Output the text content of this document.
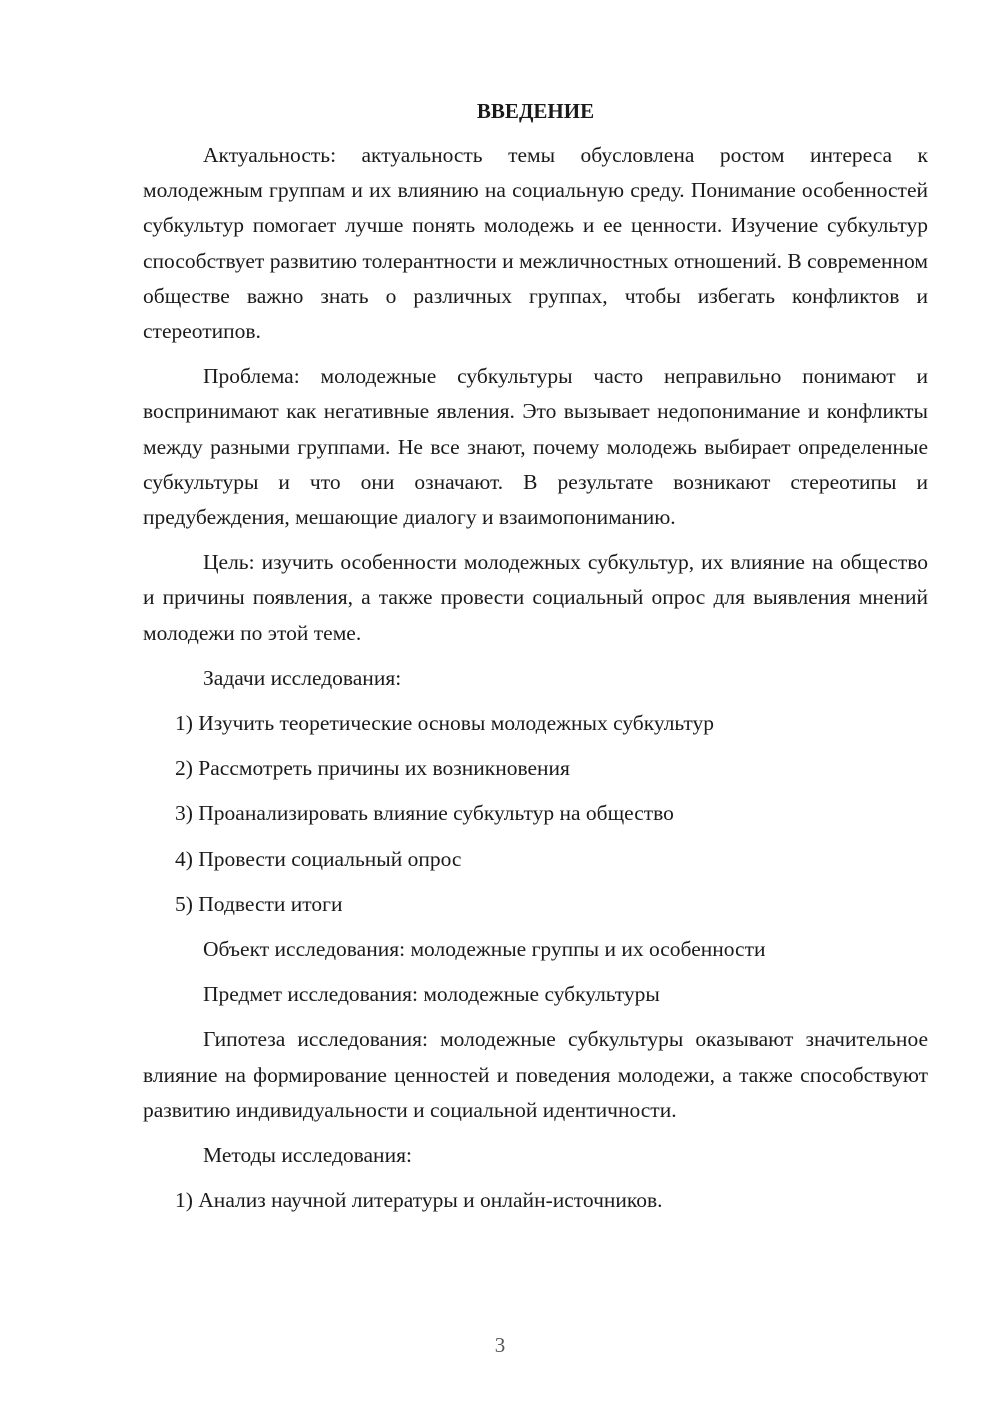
ВВЕДЕНИЕ

Актуальность: актуальность темы обусловлена ростом интереса к молодежным группам и их влиянию на социальную среду. Понимание особенностей субкультур помогает лучше понять молодежь и ее ценности. Изучение субкультур способствует развитию толерантности и межличностных отношений. В современном обществе важно знать о различных группах, чтобы избегать конфликтов и стереотипов.

Проблема: молодежные субкультуры часто неправильно понимают и воспринимают как негативные явления. Это вызывает недопонимание и конфликты между разными группами. Не все знают, почему молодежь выбирает определенные субкультуры и что они означают. В результате возникают стереотипы и предубеждения, мешающие диалогу и взаимопониманию.

Цель: изучить особенности молодежных субкультур, их влияние на общество и причины появления, а также провести социальный опрос для выявления мнений молодежи по этой теме.

Задачи исследования:

1) Изучить теоретические основы молодежных субкультур
2) Рассмотреть причины их возникновения
3) Проанализировать влияние субкультур на общество
4) Провести социальный опрос
5) Подвести итоги

Объект исследования: молодежные группы и их особенности

Предмет исследования: молодежные субкультуры

Гипотеза исследования: молодежные субкультуры оказывают значительное влияние на формирование ценностей и поведения молодежи, а также способствуют развитию индивидуальности и социальной идентичности.

Методы исследования:

1) Анализ научной литературы и онлайн-источников.
3
